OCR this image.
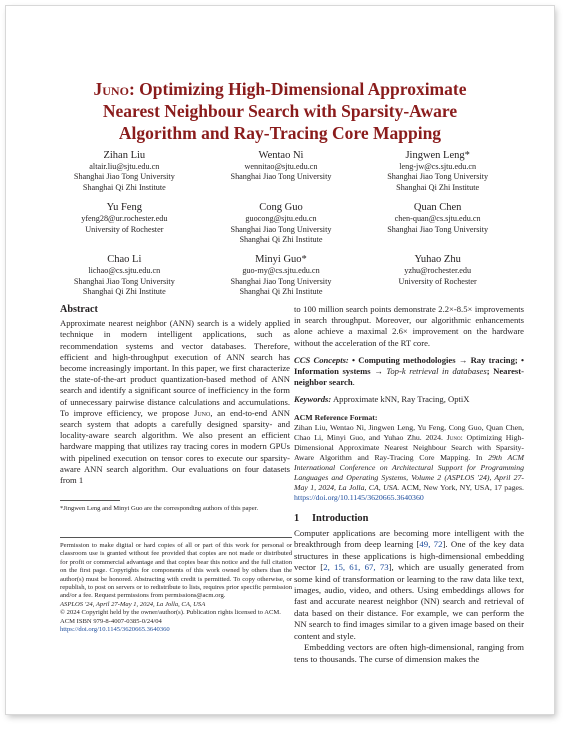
Juno: Optimizing High-Dimensional Approximate
Nearest Neighbour Search with Sparsity-Aware
Algorithm and Ray-Tracing Core Mapping
Zihan Liu
altair.liu@sjtu.edu.cn
Shanghai Jiao Tong University
Shanghai Qi Zhi Institute
Wentao Ni
wennitao@sjtu.edu.cn
Shanghai Jiao Tong University
Jingwen Leng*
leng-jw@cs.sjtu.edu.cn
Shanghai Jiao Tong University
Shanghai Qi Zhi Institute
Yu Feng
yfeng28@ur.rochester.edu
University of Rochester
Cong Guo
guocong@sjtu.edu.cn
Shanghai Jiao Tong University
Shanghai Qi Zhi Institute
Quan Chen
chen-quan@cs.sjtu.edu.cn
Shanghai Jiao Tong University
Chao Li
lichao@cs.sjtu.edu.cn
Shanghai Jiao Tong University
Shanghai Qi Zhi Institute
Minyi Guo*
guo-my@cs.sjtu.edu.cn
Shanghai Jiao Tong University
Shanghai Qi Zhi Institute
Yuhao Zhu
yzhu@rochester.edu
University of Rochester
Abstract

Approximate nearest neighbor (ANN) search is a widely applied technique in modern intelligent applications, such as recommendation systems and vector databases. Therefore, efficient and high-throughput execution of ANN search has become increasingly important. In this paper, we first characterize the state-of-the-art product quantization-based method of ANN search and identify a significant source of inefficiency in the form of unnecessary pairwise distance calculations and accumulations. To improve efficiency, we propose Juno, an end-to-end ANN search system that adopts a carefully designed sparsity- and locality-aware search algorithm. We also present an efficient hardware mapping that utilizes ray tracing cores in modern GPUs with pipelined execution on tensor cores to execute our sparsity-aware ANN search algorithm. Our evaluations on four datasets from 1

*Jingwen Leng and Minyi Guo are the corresponding authors of this paper.

Permission to make digital or hard copies of all or part of this work for personal or classroom use is granted without fee provided that copies are not made or distributed for profit or commercial advantage and that copies bear this notice and the full citation on the first page. Copyrights for components of this work owned by others than the author(s) must be honored. Abstracting with credit is permitted. To copy otherwise, or republish, to post on servers or to redistribute to lists, requires prior specific permission and/or a fee. Request permissions from permissions@acm.org.

ASPLOS '24, April 27-May 1, 2024, La Jolla, CA, USA

© 2024 Copyright held by the owner/author(s). Publication rights licensed to ACM.

ACM ISBN 979-8-4007-0385-0/24/04

https://doi.org/10.1145/3620665.3640360

to 100 million search points demonstrate 2.2×-8.5× improvements in search throughput. Moreover, our algorithmic enhancements alone achieve a maximal 2.6× improvement on the hardware without the acceleration of the RT core.

CCS Concepts: • Computing methodologies → Ray tracing; • Information systems → Top-k retrieval in databases; Nearest-neighbor search.

Keywords: Approximate kNN, Ray Tracing, OptiX

ACM Reference Format:

Zihan Liu, Wentao Ni, Jingwen Leng, Yu Feng, Cong Guo, Quan Chen, Chao Li, Minyi Guo, and Yuhao Zhu. 2024. Juno: Optimizing High-Dimensional Approximate Nearest Neighbour Search with Sparsity-Aware Algorithm and Ray-Tracing Core Mapping. In 29th ACM International Conference on Architectural Support for Programming Languages and Operating Systems, Volume 2 (ASPLOS '24), April 27-May 1, 2024, La Jolla, CA, USA. ACM, New York, NY, USA, 17 pages. https://doi.org/10.1145/3620665.3640360

1 Introduction

Computer applications are becoming more intelligent with the breakthrough from deep learning [49, 72]. One of the key data structures in these applications is high-dimensional embedding vector [2, 15, 61, 67, 73], which are usually generated from some kind of transformation or learning to the raw data like text, images, audio, video, and others. Using embeddings allows for fast and accurate nearest neighbor (NN) search and retrieval of data based on their distance. For example, we can perform the NN search to find images similar to a given image based on their content and style.

Embedding vectors are often high-dimensional, ranging from tens to thousands. The curse of dimension makes the
